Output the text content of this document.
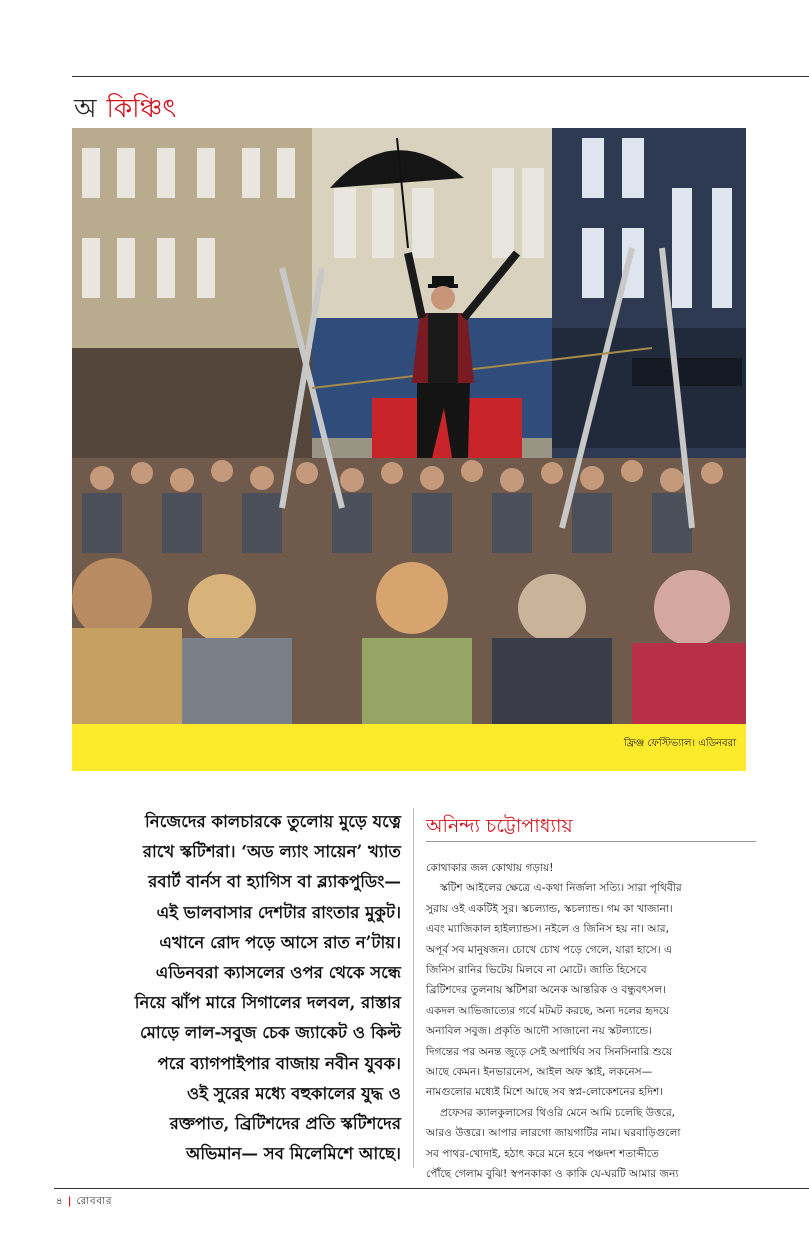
অ কিঞ্চিৎ
ফ্রিঞ্জ ফেস্টিভ্যাল। এডিনবরা
নিজেদের কালচারকে তুলোয় মুড়ে যত্নে
রাখে স্কটিশরা। ‘অড ল্যাং সায়েন’ খ্যাত
রবার্ট বার্নস বা হ্যাগিস বা ব্ল্যাকপুডিং—
এই ভালবাসার দেশটার রাংতার মুকুট।
এখানে রোদ পড়ে আসে রাত ন’টায়।
এডিনবরা ক্যাসলের ওপর থেকে সন্ধে
নিয়ে ঝাঁপ মারে সিগালের দলবল, রাস্তার
মোড়ে লাল-সবুজ চেক জ্যাকেট ও কিল্ট
পরে ব্যাগপাইপার বাজায় নবীন যুবক।
ওই সুরের মধ্যে বহুকালের যুদ্ধ ও
রক্তপাত, ব্রিটিশদের প্রতি স্কটিশদের
অভিমান— সব মিলেমিশে আছে।
অনিন্দ্য চট্টোপাধ্যায়
কোথাকার জল কোথায় গড়ায়!
স্কটিশ আইলের ক্ষেত্রে এ-কথা নির্জলা সত্যি। সারা পৃথিবীর
সুরায় ওই একটিই সুর। স্কচল্যান্ড, স্কচল্যান্ড। গম কা খাজানা।
এবং ম্যাজিকাল হাইল্যান্ডস। নইলে ও জিনিস হয় না। আর,
অপূর্ব সব মানুষজন। চোখে চোখ পড়ে গেলে, যারা হাসে। এ
জিনিস রানির ভিটেয় মিলবে না মোটে। জাতি হিসেবে
ব্রিটিশদের তুলনায় স্কটিশরা অনেক আন্তরিক ও বন্ধুবৎসল।
একদল আভিজাত্যের গর্বে মটমট করছে, অন্য দলের হৃদয়ে
অনাবিল সবুজ। প্রকৃতি আদৌ সাজানো নয় স্কটল্যান্ডে।
দিগন্তের পর অনন্ত জুড়ে সেই অপার্থিব সব সিনসিনারি শুয়ে
আছে কেমন। ইনভারনেস, আইল অফ স্কাই, লকনেস—
নামগুলোর মধ্যেই মিশে আছে সব স্বপ্ন-লোকেশনের হদিশ।
প্রফেসর ক্যালকুলাসের থিওরি মেনে আমি চলেছি উত্তরে,
আরও উত্তরে। আপার লারগো জায়গাটির নাম। ঘরবাড়িগুলো
সব পাথর-খোদাই, হঠাৎ করে মনে হবে পঞ্চদশ শতাব্দীতে
পৌঁছে গেলাম বুঝি! স্বপনকাকা ও কাকি যে-ঘরটি আমার জন্য
৪ | রোববার
